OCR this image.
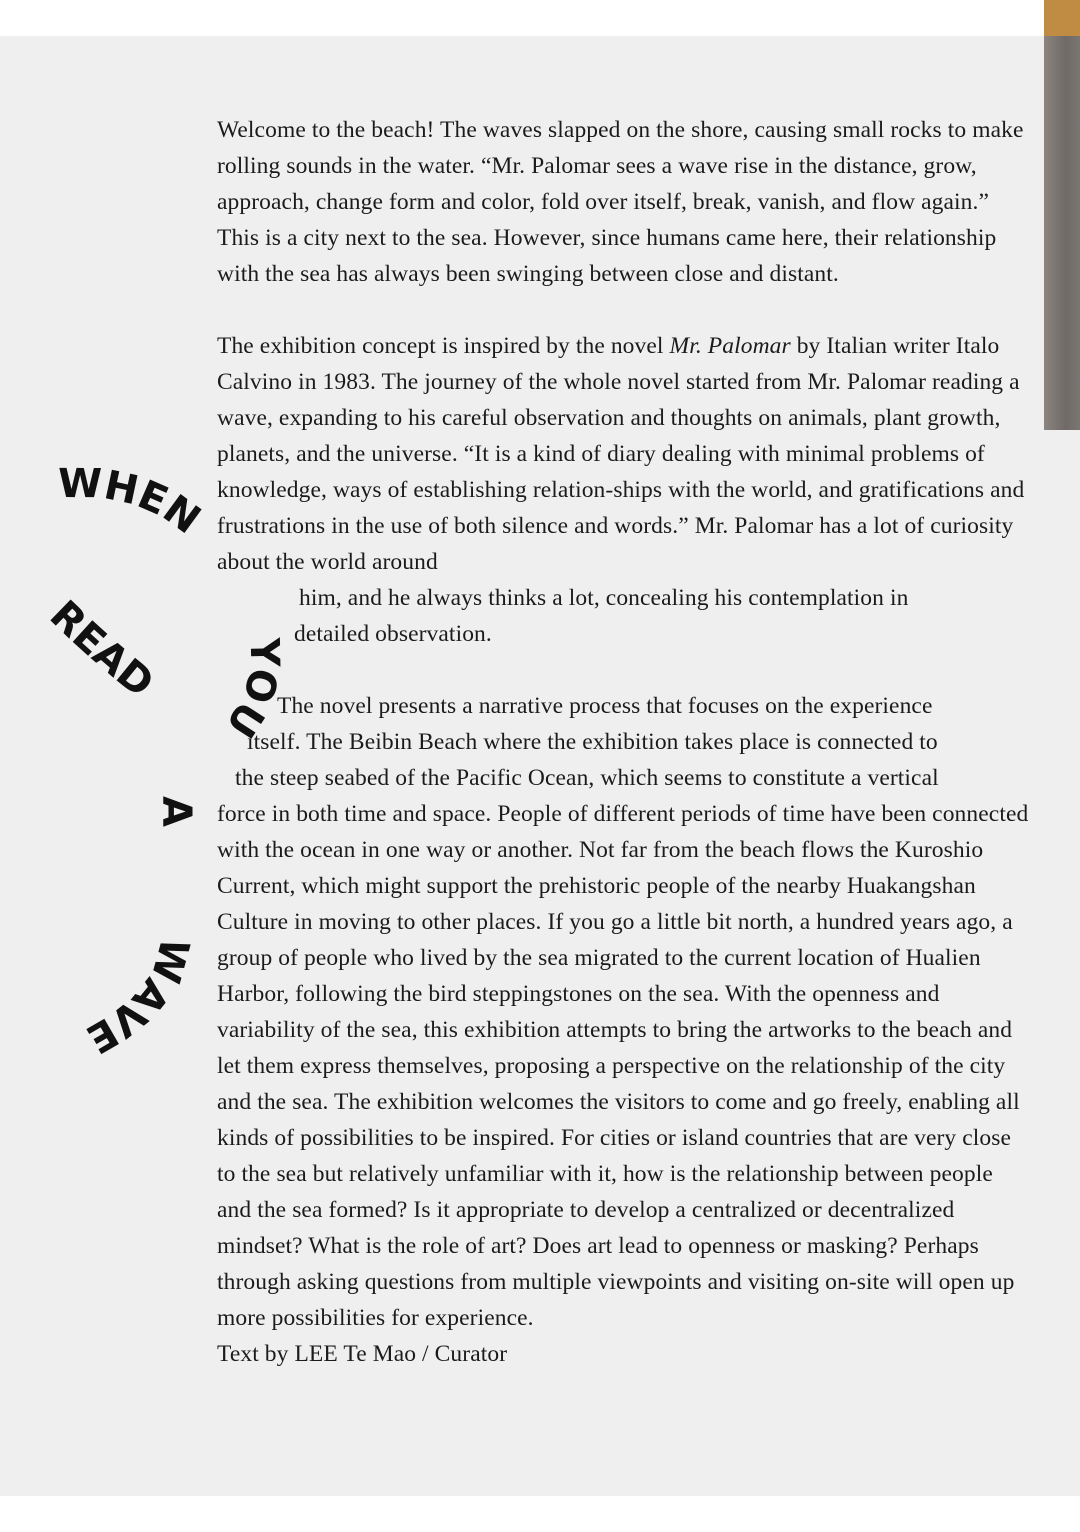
Welcome to the beach! The waves slapped on the shore, causing small rocks to make rolling sounds in the water. “Mr. Palomar sees a wave rise in the distance, grow, approach, change form and color, fold over itself, break, vanish, and flow again.” This is a city next to the sea. However, since humans came here, their relationship with the sea has always been swinging between close and distant.

The exhibition concept is inspired by the novel Mr. Palomar by Italian writer Italo Calvino in 1983. The journey of the whole novel started from Mr. Palomar reading a wave, expanding to his careful observation and thoughts on animals, plant growth, planets, and the universe. “It is a kind of diary dealing with minimal problems of knowledge, ways of establishing relation-ships with the world, and gratifications and frustrations in the use of both silence and words.” Mr. Palomar has a lot of curiosity about the world around

him, and he always thinks a lot, concealing his contemplation in

detailed observation.

The novel presents a narrative process that focuses on the experience

itself. The Beibin Beach where the exhibition takes place is connected to

the steep seabed of the Pacific Ocean, which seems to constitute a vertical

force in both time and space. People of different periods of time have been connected with the ocean in one way or another. Not far from the beach flows the Kuroshio Current, which might support the prehistoric people of the nearby Huakangshan Culture in moving to other places. If you go a little bit north, a hundred years ago, a group of people who lived by the sea migrated to the current location of Hualien Harbor, following the bird steppingstones on the sea. With the openness and variability of the sea, this exhibition attempts to bring the artworks to the beach and let them express themselves, proposing a perspective on the relationship of the city and the sea. The exhibition welcomes the visitors to come and go freely, enabling all kinds of possibilities to be inspired. For cities or island countries that are very close to the sea but relatively unfamiliar with it, how is the relationship between people and the sea formed? Is it appropriate to develop a centralized or decentralized mindset? What is the role of art? Does art lead to openness or masking? Perhaps through asking questions from multiple viewpoints and visiting on-site will open up more possibilities for experience.

Text by LEE Te Mao / Curator

WHEN
READ	YOU
A
WAVE
